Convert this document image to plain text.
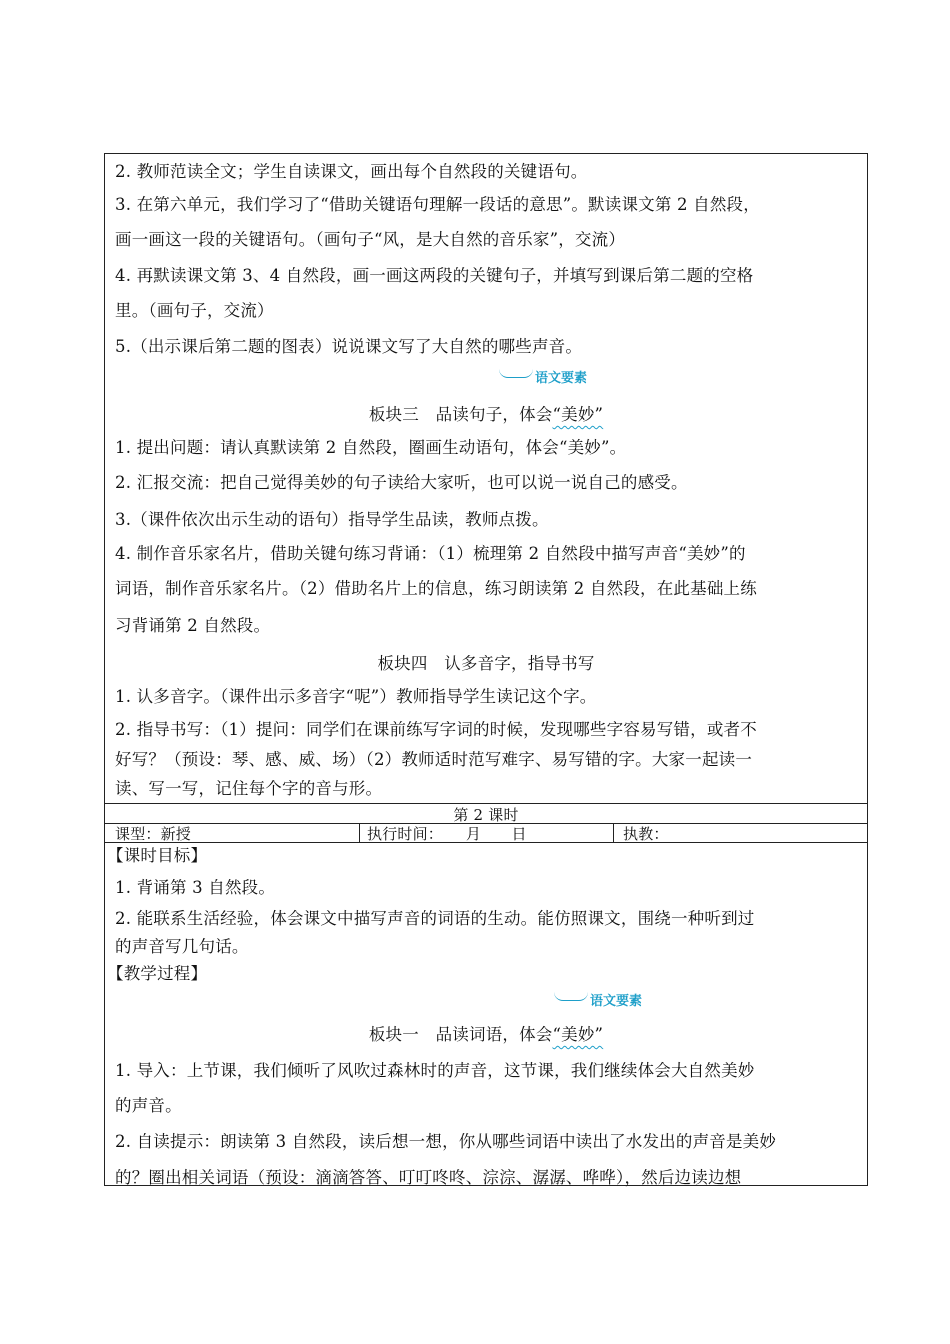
2. 教师范读全文；学生自读课文，画出每个自然段的关键语句。
3. 在第六单元，我们学习了“借助关键语句理解一段话的意思”。默读课文第 2 自然段，
画一画这一段的关键语句。（画句子“风，是大自然的音乐家”，交流）
4. 再默读课文第 3、4 自然段，画一画这两段的关键句子，并填写到课后第二题的空格
里。（画句子，交流）
5.（出示课后第二题的图表）说说课文写了大自然的哪些声音。
语文要素
板块三　品读句子，体会“美妙”
1. 提出问题：请认真默读第 2 自然段，圈画生动语句，体会“美妙”。
2. 汇报交流：把自己觉得美妙的句子读给大家听，也可以说一说自己的感受。
3.（课件依次出示生动的语句）指导学生品读，教师点拨。
4. 制作音乐家名片，借助关键句练习背诵：（1）梳理第 2 自然段中描写声音“美妙”的
词语，制作音乐家名片。（2）借助名片上的信息，练习朗读第 2 自然段，在此基础上练
习背诵第 2 自然段。
板块四　认多音字，指导书写
1. 认多音字。（课件出示多音字“呢”）教师指导学生读记这个字。
2. 指导书写：（1）提问：同学们在课前练写字词的时候，发现哪些字容易写错，或者不
好写？（预设：琴、感、威、场）（2）教师适时范写难字、易写错的字。大家一起读一
读、写一写，记住每个字的音与形。
第 2 课时
课型：新授	执行时间：　　月　　日	执教：
【课时目标】
1. 背诵第 3 自然段。
2. 能联系生活经验，体会课文中描写声音的词语的生动。能仿照课文，围绕一种听到过
的声音写几句话。
【教学过程】
语文要素
板块一　品读词语，体会“美妙”
1. 导入：上节课，我们倾听了风吹过森林时的声音，这节课，我们继续体会大自然美妙
的声音。
2. 自读提示：朗读第 3 自然段，读后想一想，你从哪些词语中读出了水发出的声音是美妙
的？圈出相关词语（预设：滴滴答答、叮叮咚咚、淙淙、潺潺、哗哗），然后边读边想
